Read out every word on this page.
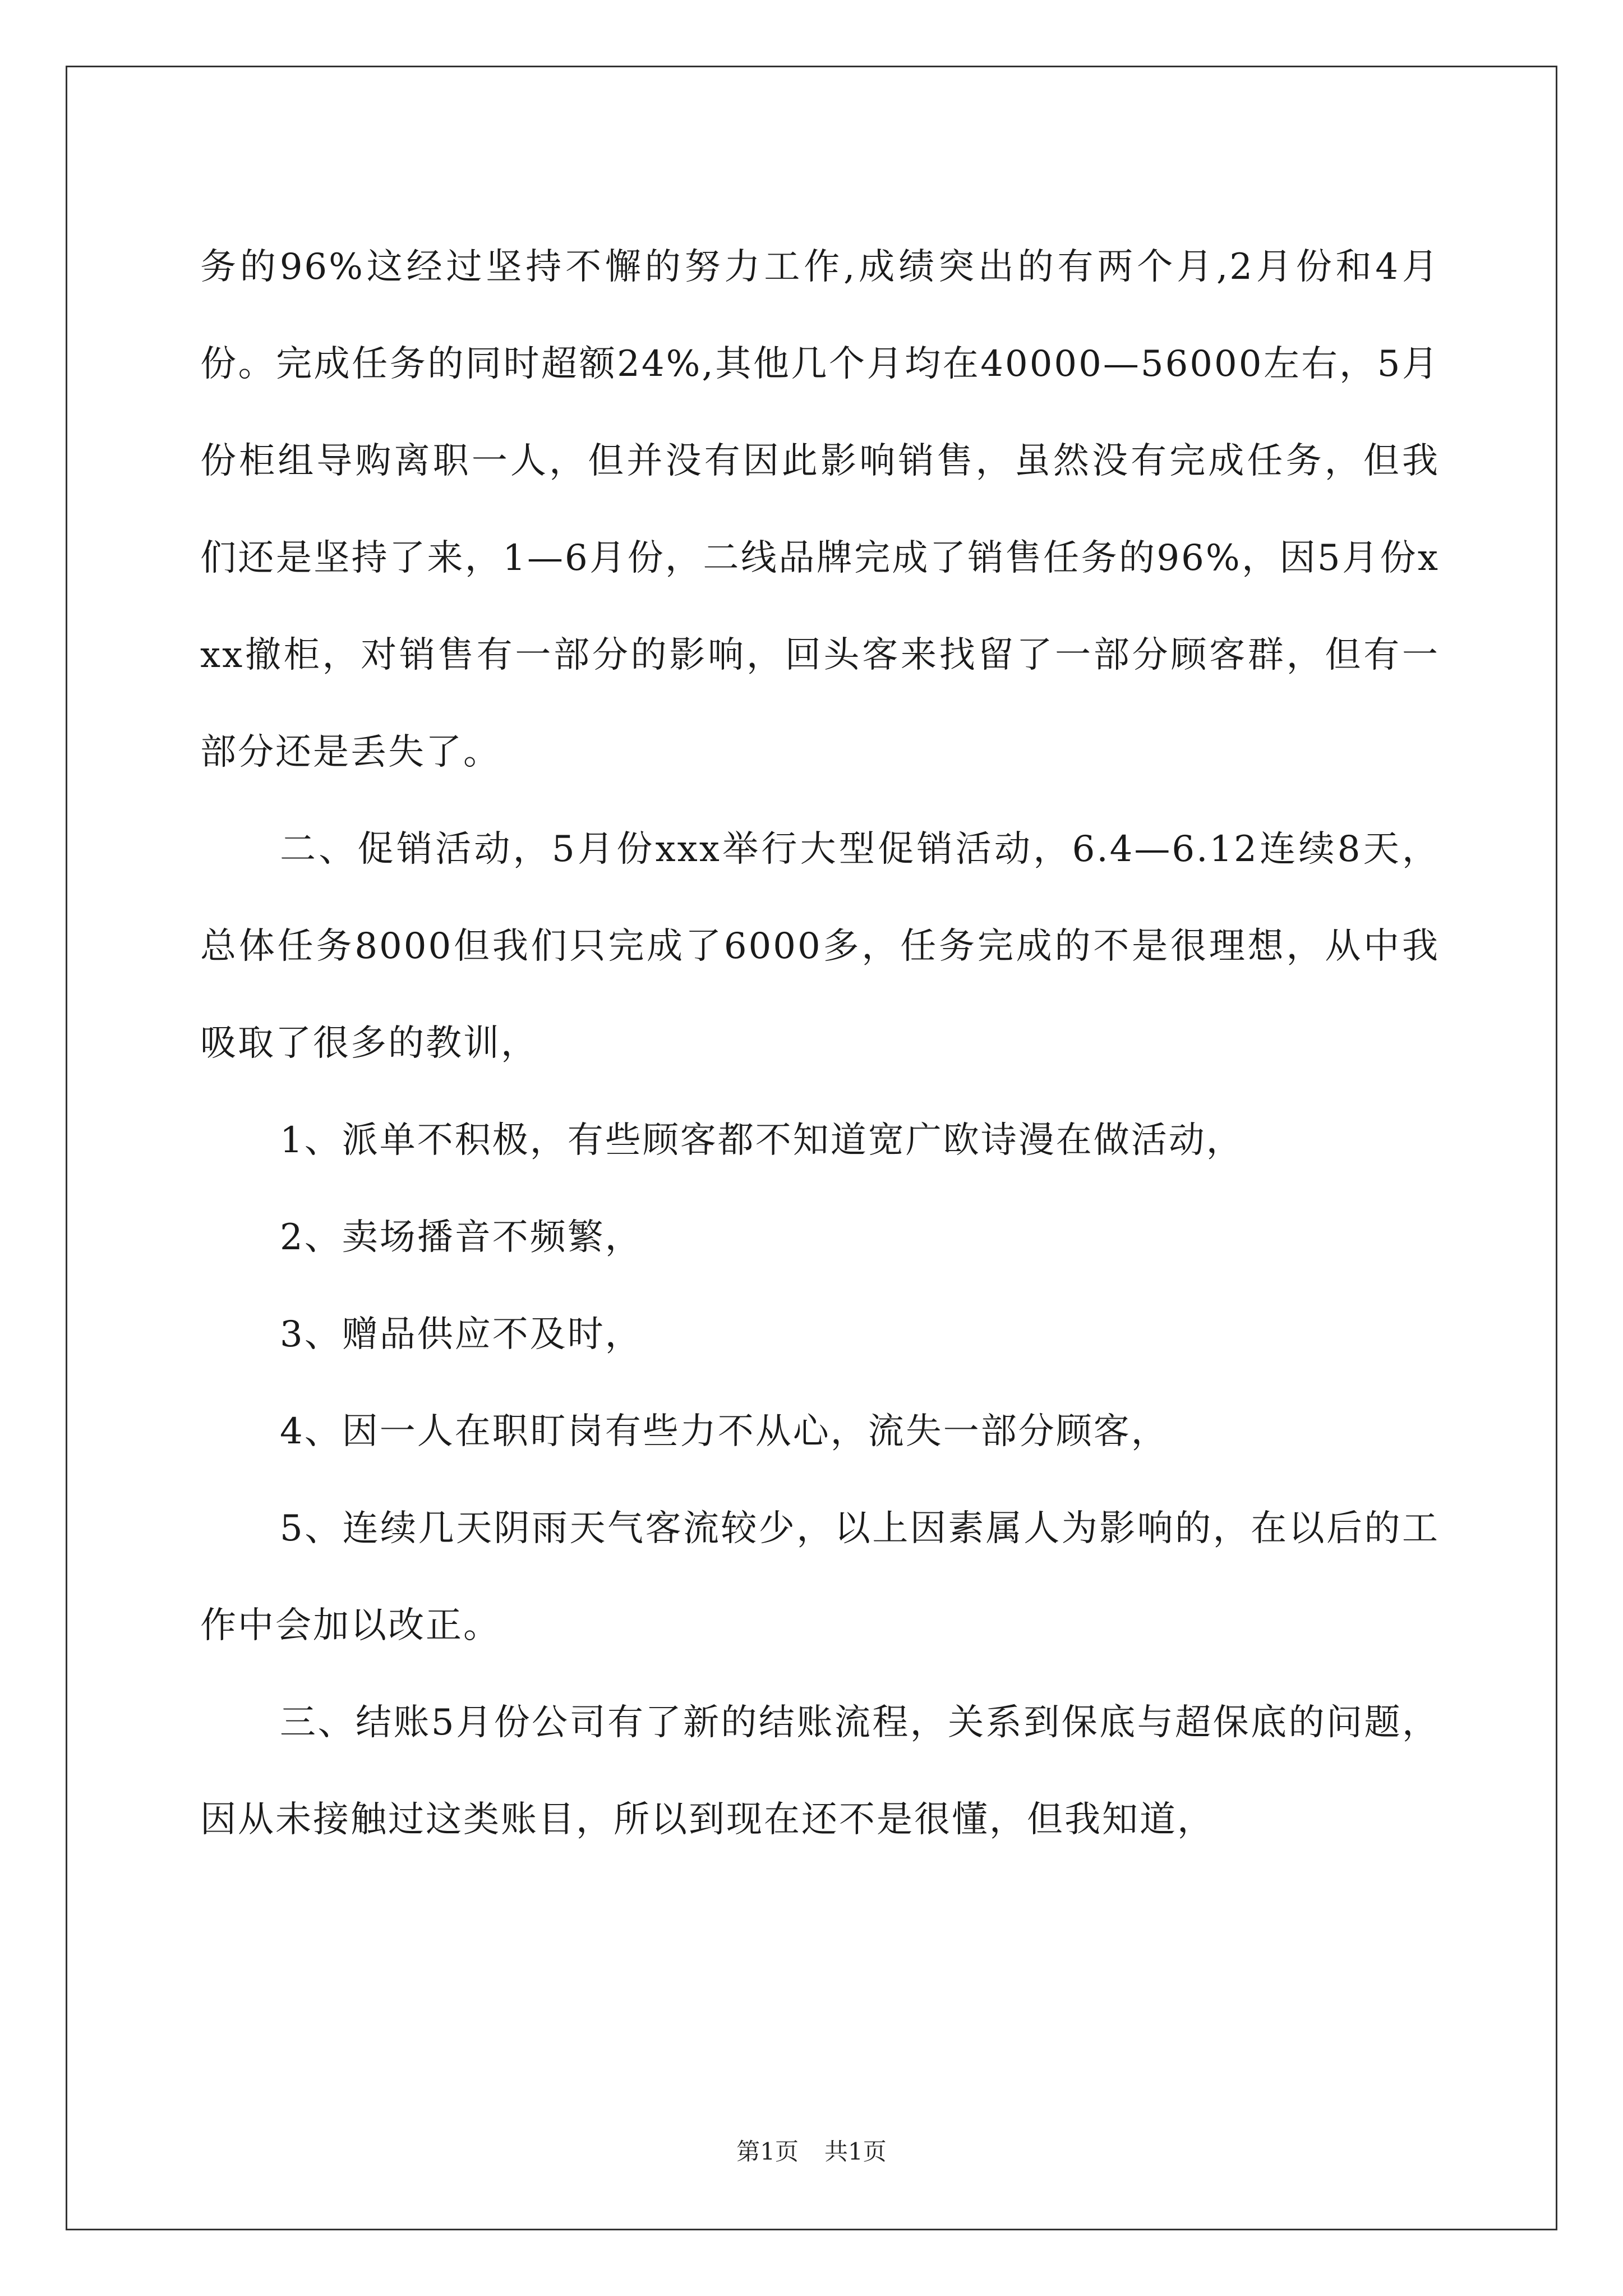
务的96%这经过坚持不懈的努力工作,成绩突出的有两个月,2月份和4月份。完成任务的同时超额24%,其他几个月均在40000—56000左右，5月份柜组导购离职一人，但并没有因此影响销售，虽然没有完成任务，但我们还是坚持了来，1—6月份，二线品牌完成了销售任务的96%，因5月份xxx撤柜，对销售有一部分的影响，回头客来找留了一部分顾客群，但有一部分还是丢失了。

二、促销活动，5月份xxx举行大型促销活动，6.4—6.12连续8天，总体任务8000但我们只完成了6000多，任务完成的不是很理想，从中我吸取了很多的教训，

1、派单不积极，有些顾客都不知道宽广欧诗漫在做活动，

2、卖场播音不频繁，

3、赠品供应不及时，

4、因一人在职盯岗有些力不从心，流失一部分顾客，

5、连续几天阴雨天气客流较少，以上因素属人为影响的，在以后的工作中会加以改正。

三、结账5月份公司有了新的结账流程，关系到保底与超保底的问题，因从未接触过这类账目，所以到现在还不是很懂，但我知道，

第1页 共1页
